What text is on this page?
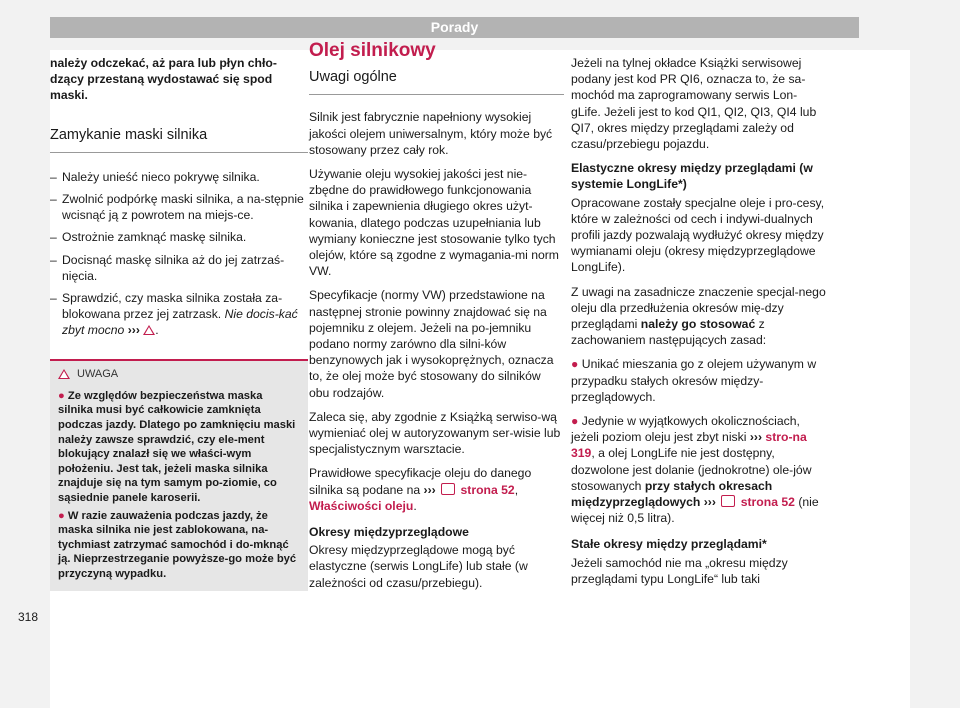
Porady

należy odczekać, aż para lub płyn chło-dzący przestaną wydostawać się spod maski.

Zamykanie maski silnika
– Należy unieść nieco pokrywę silnika.
– Zwolnić podpórkę maski silnika, a na-stępnie wcisnąć ją z powrotem na miejs-ce.
– Ostrożnie zamknąć maskę silnika.
– Docisnąć maskę silnika aż do jej zatrzaś-nięcia.
– Sprawdzić, czy maska silnika została za-blokowana przez jej zatrzask. Nie docis-kać zbyt mocno ››› .
UWAGA

● Ze względów bezpieczeństwa maska silnika musi być całkowicie zamknięta podczas jazdy. Dlatego po zamknięciu maski należy zawsze sprawdzić, czy ele-ment blokujący znalazł się we właści-wym położeniu. Jest tak, jeżeli maska silnika znajduje się na tym samym po-ziomie, co sąsiednie panele karoserii.

● W razie zauważenia podczas jazdy, że maska silnika nie jest zablokowana, na-tychmiast zatrzymać samochód i do-mknąć ją. Nieprzestrzeganie powyższe-go może być przyczyną wypadku.

Olej silnikowy
Uwagi ogólne

Silnik jest fabrycznie napełniony wysokiej jakości olejem uniwersalnym, który może być stosowany przez cały rok.

Używanie oleju wysokiej jakości jest nie-zbędne do prawidłowego funkcjonowania silnika i zapewnienia długiego okres użyt-kowania, dlatego podczas uzupełniania lub wymiany konieczne jest stosowanie tylko tych olejów, które są zgodne z wymagania-mi norm VW.

Specyfikacje (normy VW) przedstawione na następnej stronie powinny znajdować się na pojemniku z olejem. Jeżeli na po-jemniku podano normy zarówno dla silni-ków benzynowych jak i wysokoprężnych, oznacza to, że olej może być stosowany do silników obu rodzajów.

Zaleca się, aby zgodnie z Książką serwiso-wą wymieniać olej w autoryzowanym ser-wisie lub specjalistycznym warsztacie.

Prawidłowe specyfikacje oleju do danego silnika są podane na ››› strona 52, Właściwości oleju.

Okresy międzyprzeglądowe

Okresy międzyprzeglądowe mogą być elastyczne (serwis LongLife) lub stałe (w zależności od czasu/przebiegu).

Jeżeli na tylnej okładce Książki serwisowej podany jest kod PR QI6, oznacza to, że sa-mochód ma zaprogramowany serwis Lon-gLife. Jeżeli jest to kod QI1, QI2, QI3, QI4 lub QI7, okres między przeglądami zależy od czasu/przebiegu pojazdu.

Elastyczne okresy między przeglądami (w systemie LongLife*)

Opracowane zostały specjalne oleje i pro-cesy, które w zależności od cech i indywi-dualnych profili jazdy pozwalają wydłużyć okresy między wymianami oleju (okresy międzyprzeglądowe LongLife).

Z uwagi na zasadnicze znaczenie specjal-nego oleju dla przedłużenia okresów mię-dzy przeglądami należy go stosować z zachowaniem następujących zasad:

● Unikać mieszania go z olejem używanym w przypadku stałych okresów między-przeglądowych.

● Jedynie w wyjątkowych okolicznościach, jeżeli poziom oleju jest zbyt niski ››› stro-na 319, a olej LongLife nie jest dostępny, dozwolone jest dolanie (jednokrotne) ole-jów stosowanych przy stałych okresach międzyprzeglądowych ››› strona 52 (nie więcej niż 0,5 litra).

Stałe okresy między przeglądami*

Jeżeli samochód nie ma „okresu między przeglądami typu LongLife“ lub taki

318
